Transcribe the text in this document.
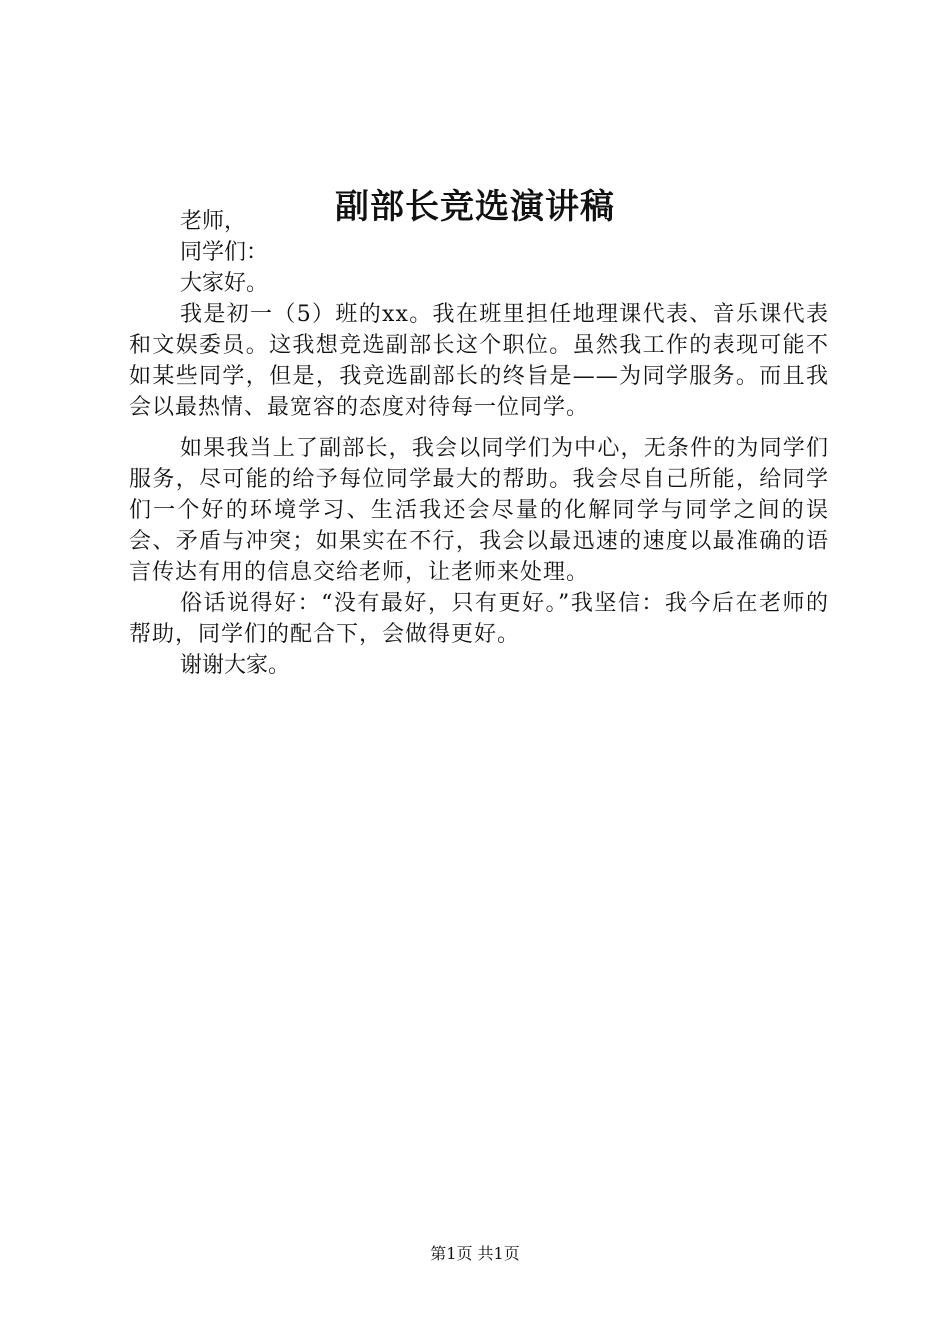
副部长竞选演讲稿
老师，
同学们：
大家好。
我是初一（5）班的xx。我在班里担任地理课代表、音乐课代表和文娱委员。这我想竞选副部长这个职位。虽然我工作的表现可能不如某些同学，但是，我竞选副部长的终旨是——为同学服务。而且我会以最热情、最宽容的态度对待每一位同学。
如果我当上了副部长，我会以同学们为中心，无条件的为同学们服务，尽可能的给予每位同学最大的帮助。我会尽自己所能，给同学们一个好的环境学习、生活我还会尽量的化解同学与同学之间的误会、矛盾与冲突；如果实在不行，我会以最迅速的速度以最准确的语言传达有用的信息交给老师，让老师来处理。
俗话说得好：“没有最好，只有更好。”我坚信：我今后在老师的帮助，同学们的配合下，会做得更好。
谢谢大家。
第1页 共1页
